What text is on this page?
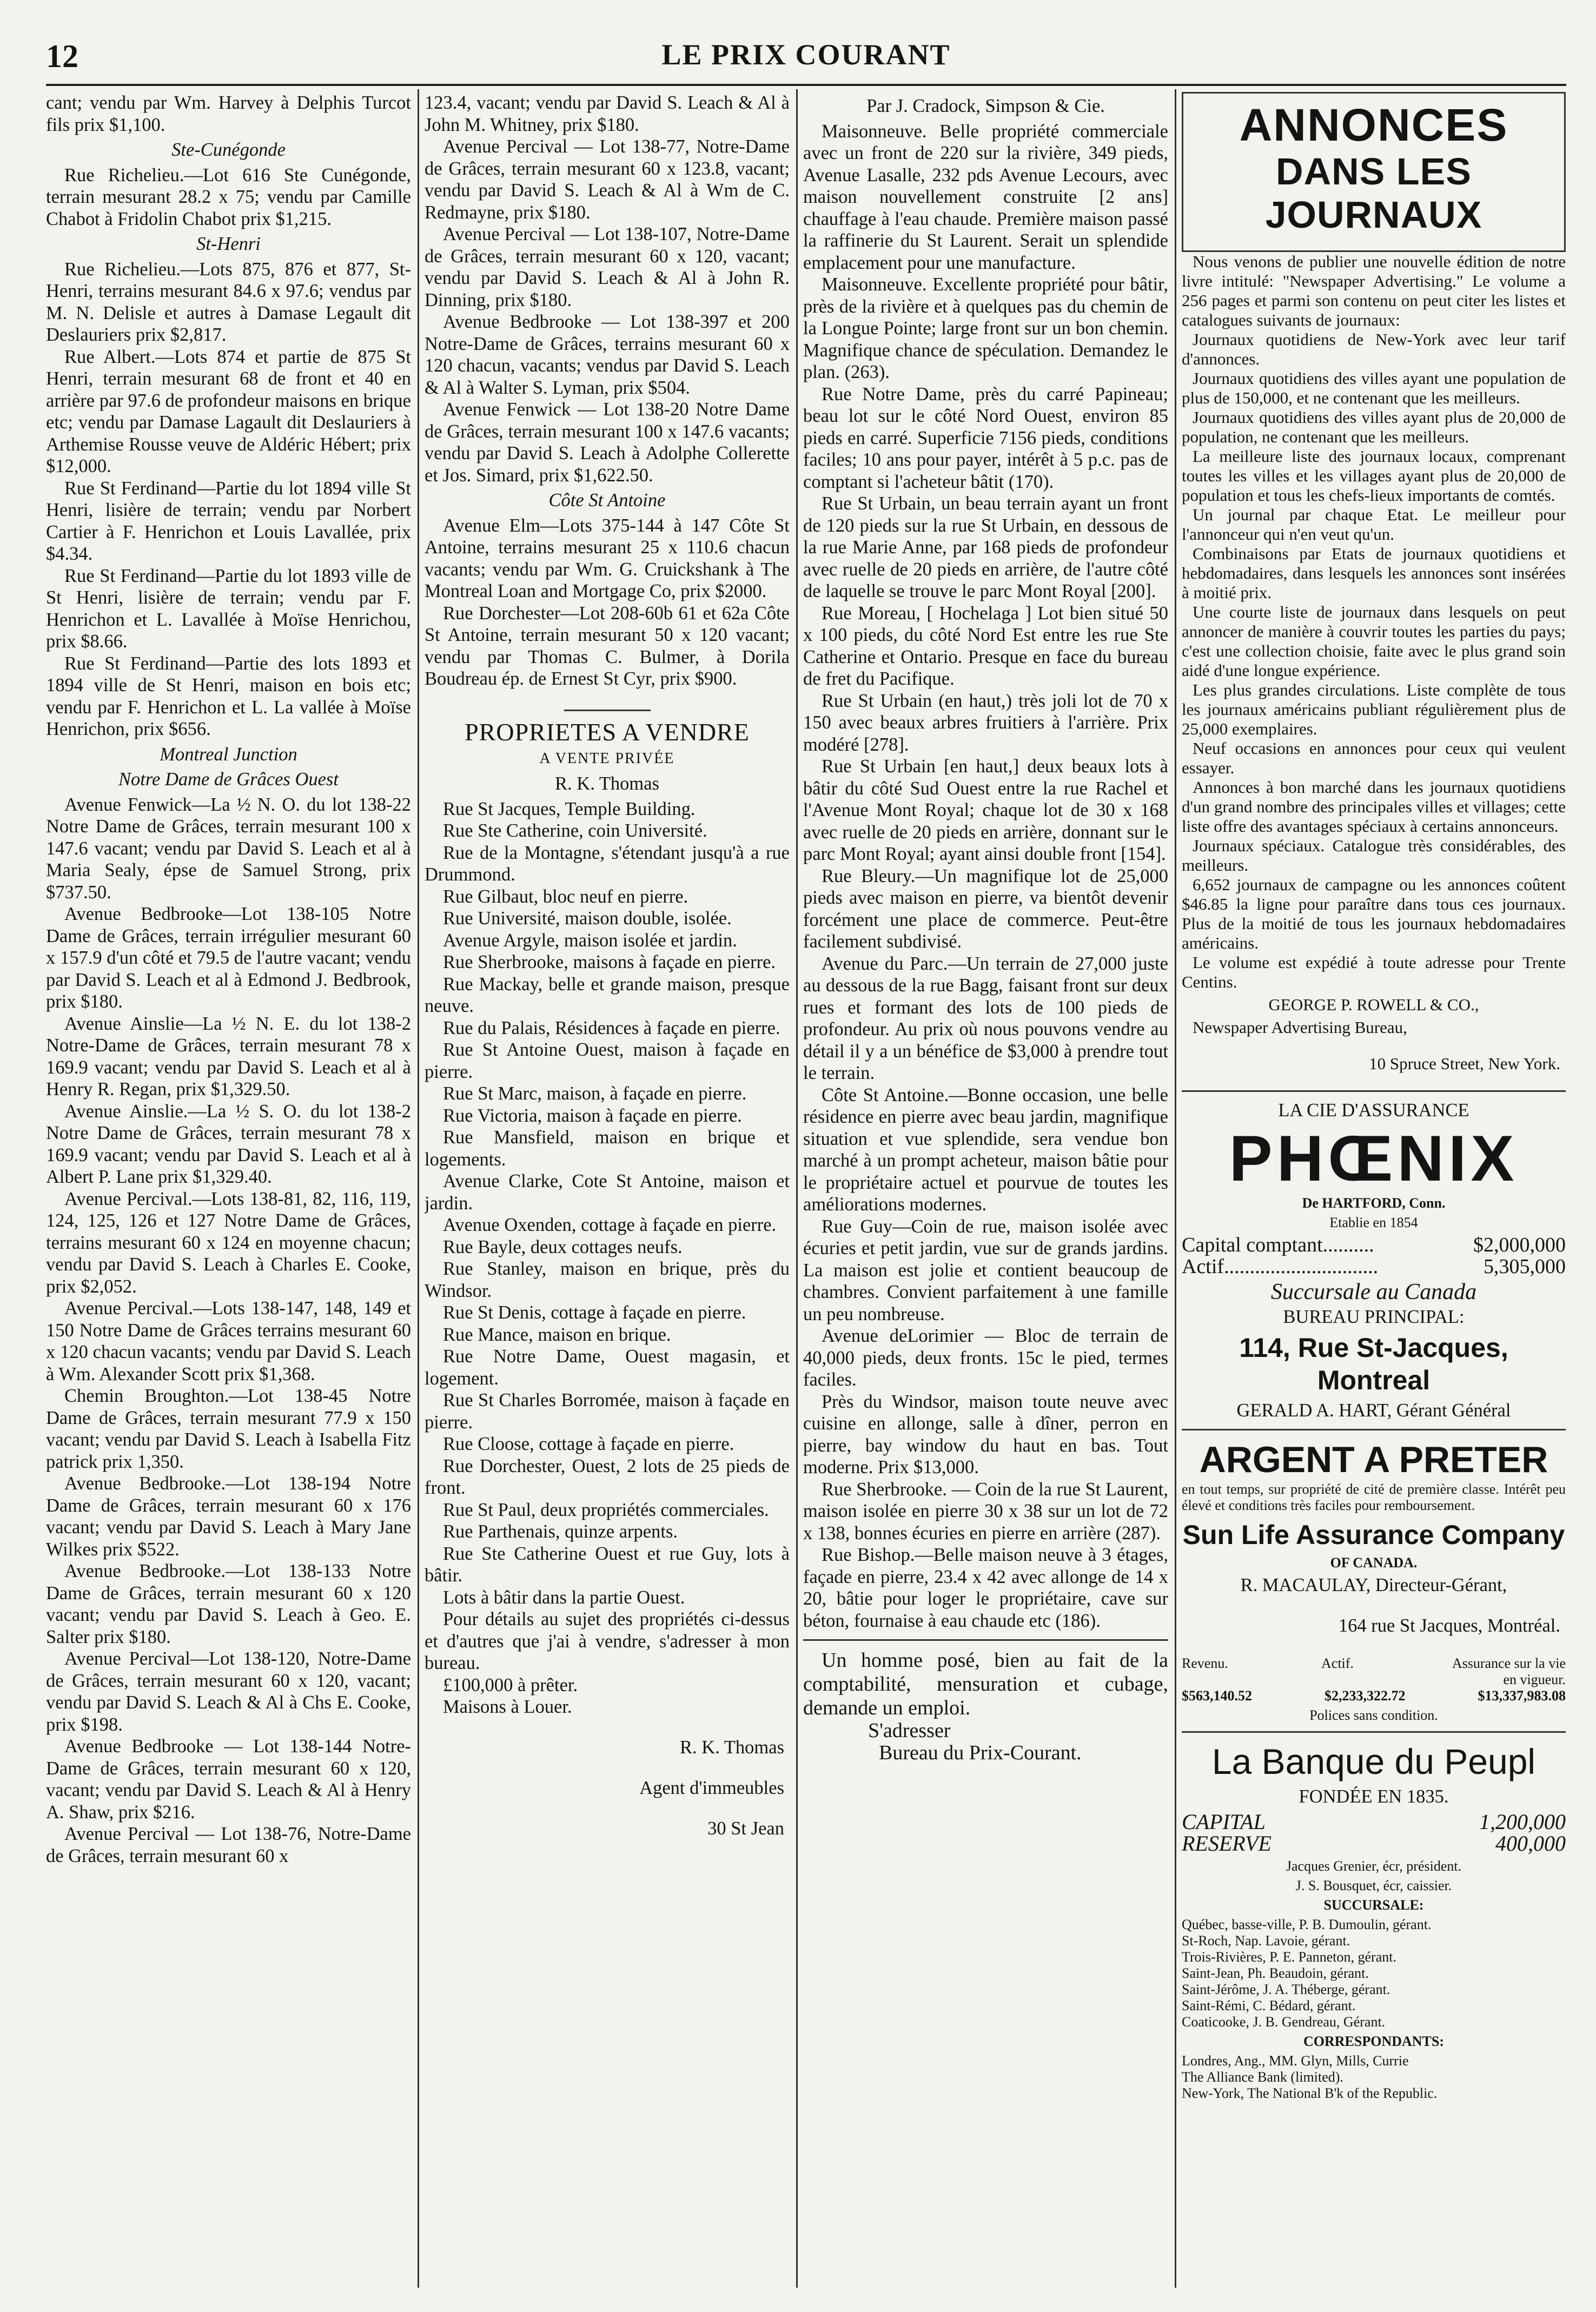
12	LE PRIX COURANT

cant; vendu par Wm. Harvey à Delphis Turcot fils prix $1,100.

Ste-Cunégonde

Rue Richelieu.—Lot 616 Ste Cunégonde, terrain mesurant 28.2 x 75; vendu par Camille Chabot à Fridolin Chabot prix $1,215.

St-Henri

Rue Richelieu.—Lots 875, 876 et 877, St-Henri, terrains mesurant 84.6 x 97.6; vendus par M. N. Delisle et autres à Damase Legault dit Deslauriers prix $2,817.

Rue Albert.—Lots 874 et partie de 875 St Henri, terrain mesurant 68 de front et 40 en arrière par 97.6 de profondeur maisons en brique etc; vendu par Damase Lagault dit Deslauriers à Arthemise Rousse veuve de Aldéric Hébert; prix $12,000.

Rue St Ferdinand—Partie du lot 1894 ville St Henri, lisière de terrain; vendu par Norbert Cartier à F. Henrichon et Louis Lavallée, prix $4.34.

Rue St Ferdinand—Partie du lot 1893 ville de St Henri, lisière de terrain; vendu par F. Henrichon et L. Lavallée à Moïse Henrichou, prix $8.66.

Rue St Ferdinand—Partie des lots 1893 et 1894 ville de St Henri, maison en bois etc; vendu par F. Henrichon et L. La vallée à Moïse Henrichon, prix $656.

Montreal Junction

Notre Dame de Grâces Ouest

Avenue Fenwick—La ½ N. O. du lot 138-22 Notre Dame de Grâces, terrain mesurant 100 x 147.6 vacant; vendu par David S. Leach et al à Maria Sealy, épse de Samuel Strong, prix $737.50.

Avenue Bedbrooke—Lot 138-105 Notre Dame de Grâces, terrain irrégulier mesurant 60 x 157.9 d'un côté et 79.5 de l'autre vacant; vendu par David S. Leach et al à Edmond J. Bedbrook, prix $180.

Avenue Ainslie—La ½ N. E. du lot 138-2 Notre-Dame de Grâces, terrain mesurant 78 x 169.9 vacant; vendu par David S. Leach et al à Henry R. Regan, prix $1,329.50.

Avenue Ainslie.—La ½ S. O. du lot 138-2 Notre Dame de Grâces, terrain mesurant 78 x 169.9 vacant; vendu par David S. Leach et al à Albert P. Lane prix $1,329.40.

Avenue Percival.—Lots 138-81, 82, 116, 119, 124, 125, 126 et 127 Notre Dame de Grâces, terrains mesurant 60 x 124 en moyenne chacun; vendu par David S. Leach à Charles E. Cooke, prix $2,052.

Avenue Percival.—Lots 138-147, 148, 149 et 150 Notre Dame de Grâces terrains mesurant 60 x 120 chacun vacants; vendu par David S. Leach à Wm. Alexander Scott prix $1,368.

Chemin Broughton.—Lot 138-45 Notre Dame de Grâces, terrain mesurant 77.9 x 150 vacant; vendu par David S. Leach à Isabella Fitz patrick prix 1,350.

Avenue Bedbrooke.—Lot 138-194 Notre Dame de Grâces, terrain mesurant 60 x 176 vacant; vendu par David S. Leach à Mary Jane Wilkes prix $522.

Avenue Bedbrooke.—Lot 138-133 Notre Dame de Grâces, terrain mesurant 60 x 120 vacant; vendu par David S. Leach à Geo. E. Salter prix $180.

Avenue Percival—Lot 138-120, Notre-Dame de Grâces, terrain mesurant 60 x 120, vacant; vendu par David S. Leach & Al à Chs E. Cooke, prix $198.

Avenue Bedbrooke — Lot 138-144 Notre-Dame de Grâces, terrain mesurant 60 x 120, vacant; vendu par David S. Leach & Al à Henry A. Shaw, prix $216.

Avenue Percival — Lot 138-76, Notre-Dame de Grâces, terrain mesurant 60 x

123.4, vacant; vendu par David S. Leach & Al à John M. Whitney, prix $180.

Avenue Percival — Lot 138-77, Notre-Dame de Grâces, terrain mesurant 60 x 123.8, vacant; vendu par David S. Leach & Al à Wm de C. Redmayne, prix $180.

Avenue Percival — Lot 138-107, Notre-Dame de Grâces, terrain mesurant 60 x 120, vacant; vendu par David S. Leach & Al à John R. Dinning, prix $180.

Avenue Bedbrooke — Lot 138-397 et 200 Notre-Dame de Grâces, terrains mesurant 60 x 120 chacun, vacants; vendus par David S. Leach & Al à Walter S. Lyman, prix $504.

Avenue Fenwick — Lot 138-20 Notre Dame de Grâces, terrain mesurant 100 x 147.6 vacants; vendu par David S. Leach à Adolphe Collerette et Jos. Simard, prix $1,622.50.

Côte St Antoine

Avenue Elm—Lots 375-144 à 147 Côte St Antoine, terrains mesurant 25 x 110.6 chacun vacants; vendu par Wm. G. Cruickshank à The Montreal Loan and Mortgage Co, prix $2000.

Rue Dorchester—Lot 208-60b 61 et 62a Côte St Antoine, terrain mesurant 50 x 120 vacant; vendu par Thomas C. Bulmer, à Dorila Boudreau ép. de Ernest St Cyr, prix $900.

PROPRIETES A VENDRE

A VENTE PRIVÉE

R. K. Thomas

Rue St Jacques, Temple Building.

Rue Ste Catherine, coin Université.

Rue de la Montagne, s'étendant jusqu'à a rue Drummond.

Rue Gilbaut, bloc neuf en pierre.

Rue Université, maison double, isolée.

Avenue Argyle, maison isolée et jardin.

Rue Sherbrooke, maisons à façade en pierre.

Rue Mackay, belle et grande maison, presque neuve.

Rue du Palais, Résidences à façade en pierre.

Rue St Antoine Ouest, maison à façade en pierre.

Rue St Marc, maison, à façade en pierre.

Rue Victoria, maison à façade en pierre.

Rue Mansfield, maison en brique et logements.

Avenue Clarke, Cote St Antoine, maison et jardin.

Avenue Oxenden, cottage à façade en pierre.

Rue Bayle, deux cottages neufs.

Rue Stanley, maison en brique, près du Windsor.

Rue St Denis, cottage à façade en pierre.

Rue Mance, maison en brique.

Rue Notre Dame, Ouest magasin, et logement.

Rue St Charles Borromée, maison à façade en pierre.

Rue Cloose, cottage à façade en pierre.

Rue Dorchester, Ouest, 2 lots de 25 pieds de front.

Rue St Paul, deux propriétés commerciales.

Rue Parthenais, quinze arpents.

Rue Ste Catherine Ouest et rue Guy, lots à bâtir.

Lots à bâtir dans la partie Ouest.

Pour détails au sujet des propriétés ci-dessus et d'autres que j'ai à vendre, s'adresser à mon bureau.

£100,000 à prêter.

Maisons à Louer.

R. K. Thomas

Agent d'immeubles

30 St Jean

Par J. Cradock, Simpson & Cie.

Maisonneuve. Belle propriété commerciale avec un front de 220 sur la rivière, 349 pieds, Avenue Lasalle, 232 pds Avenue Lecours, avec maison nouvellement construite [2 ans] chauffage à l'eau chaude. Première maison passé la raffinerie du St Laurent. Serait un splendide emplacement pour une manufacture.

Maisonneuve. Excellente propriété pour bâtir, près de la rivière et à quelques pas du chemin de la Longue Pointe; large front sur un bon chemin. Magnifique chance de spéculation. Demandez le plan. (263).

Rue Notre Dame, près du carré Papineau; beau lot sur le côté Nord Ouest, environ 85 pieds en carré. Superficie 7156 pieds, conditions faciles; 10 ans pour payer, intérêt à 5 p.c. pas de comptant si l'acheteur bâtit (170).

Rue St Urbain, un beau terrain ayant un front de 120 pieds sur la rue St Urbain, en dessous de la rue Marie Anne, par 168 pieds de profondeur avec ruelle de 20 pieds en arrière, de l'autre côté de laquelle se trouve le parc Mont Royal [200].

Rue Moreau, [ Hochelaga ] Lot bien situé 50 x 100 pieds, du côté Nord Est entre les rue Ste Catherine et Ontario. Presque en face du bureau de fret du Pacifique.

Rue St Urbain (en haut,) très joli lot de 70 x 150 avec beaux arbres fruitiers à l'arrière. Prix modéré [278].

Rue St Urbain [en haut,] deux beaux lots à bâtir du côté Sud Ouest entre la rue Rachel et l'Avenue Mont Royal; chaque lot de 30 x 168 avec ruelle de 20 pieds en arrière, donnant sur le parc Mont Royal; ayant ainsi double front [154].

Rue Bleury.—Un magnifique lot de 25,000 pieds avec maison en pierre, va bientôt devenir forcément une place de commerce. Peut-être facilement subdivisé.

Avenue du Parc.—Un terrain de 27,000 juste au dessous de la rue Bagg, faisant front sur deux rues et formant des lots de 100 pieds de profondeur. Au prix où nous pouvons vendre au détail il y a un bénéfice de $3,000 à prendre tout le terrain.

Côte St Antoine.—Bonne occasion, une belle résidence en pierre avec beau jardin, magnifique situation et vue splendide, sera vendue bon marché à un prompt acheteur, maison bâtie pour le propriétaire actuel et pourvue de toutes les améliorations modernes.

Rue Guy—Coin de rue, maison isolée avec écuries et petit jardin, vue sur de grands jardins. La maison est jolie et contient beaucoup de chambres. Convient parfaitement à une famille un peu nombreuse.

Avenue deLorimier — Bloc de terrain de 40,000 pieds, deux fronts. 15c le pied, termes faciles.

Près du Windsor, maison toute neuve avec cuisine en allonge, salle à dîner, perron en pierre, bay window du haut en bas. Tout moderne. Prix $13,000.

Rue Sherbrooke. — Coin de la rue St Laurent, maison isolée en pierre 30 x 38 sur un lot de 72 x 138, bonnes écuries en pierre en arrière (287).

Rue Bishop.—Belle maison neuve à 3 étages, façade en pierre, 23.4 x 42 avec allonge de 14 x 20, bâtie pour loger le propriétaire, cave sur béton, fournaise à eau chaude etc (186).

Un homme posé, bien au fait de la comptabilité, mensuration et cubage, demande un emploi.

S'adresser

Bureau du Prix-Courant.

ANNONCES
DANS LES JOURNAUX

Nous venons de publier une nouvelle édition de notre livre intitulé: "Newspaper Advertising." Le volume a 256 pages et parmi son contenu on peut citer les listes et catalogues suivants de journaux:

Journaux quotidiens de New-York avec leur tarif d'annonces.

Journaux quotidiens des villes ayant une population de plus de 150,000, et ne contenant que les meilleurs.

Journaux quotidiens des villes ayant plus de 20,000 de population, ne contenant que les meilleurs.

La meilleure liste des journaux locaux, comprenant toutes les villes et les villages ayant plus de 20,000 de population et tous les chefs-lieux importants de comtés.

Un journal par chaque Etat. Le meilleur pour l'annonceur qui n'en veut qu'un.

Combinaisons par Etats de journaux quotidiens et hebdomadaires, dans lesquels les annonces sont insérées à moitié prix.

Une courte liste de journaux dans lesquels on peut annoncer de manière à couvrir toutes les parties du pays; c'est une collection choisie, faite avec le plus grand soin aidé d'une longue expérience.

Les plus grandes circulations. Liste complète de tous les journaux américains publiant régulièrement plus de 25,000 exemplaires.

Neuf occasions en annonces pour ceux qui veulent essayer.

Annonces à bon marché dans les journaux quotidiens d'un grand nombre des principales villes et villages; cette liste offre des avantages spéciaux à certains annonceurs.

Journaux spéciaux. Catalogue très considérables, des meilleurs.

6,652 journaux de campagne ou les annonces coûtent $46.85 la ligne pour paraître dans tous ces journaux. Plus de la moitié de tous les journaux hebdomadaires américains.

Le volume est expédié à toute adresse pour Trente Centins.

GEORGE P. ROWELL & CO.,

Newspaper Advertising Bureau,

10 Spruce Street, New York.

LA CIE D'ASSURANCE

PHŒNIX

De HARTFORD, Conn.

Etablie en 1854

Capital comptant..........	$2,000,000
Actif..............................	5,305,000

Succursale au Canada

BUREAU PRINCIPAL:

114, Rue St-Jacques, Montreal

GERALD A. HART, Gérant Général

ARGENT A PRETER

en tout temps, sur propriété de cité de première classe. Intérêt peu élevé et conditions très faciles pour remboursement.

Sun Life Assurance Company

OF CANADA.

R. MACAULAY, Directeur-Gérant,

164 rue St Jacques, Montréal.

Revenu.	Actif.	Assurance sur la vie en vigueur.
$563,140.52	$2,233,322.72	$13,337,983.08

Polices sans condition.

La Banque du Peupl

FONDÉE EN 1835.

CAPITAL	1,200,000
RESERVE	400,000

Jacques Grenier, écr, président.

J. S. Bousquet, écr, caissier.

SUCCURSALE:

Québec, basse-ville, P. B. Dumoulin, gérant.

St-Roch, Nap. Lavoie, gérant.

Trois-Rivières, P. E. Panneton, gérant.

Saint-Jean, Ph. Beaudoin, gérant.

Saint-Jérôme, J. A. Théberge, gérant.

Saint-Rémi, C. Bédard, gérant.

Coaticooke, J. B. Gendreau, Gérant.

CORRESPONDANTS:

Londres, Ang., MM. Glyn, Mills, Currie

The Alliance Bank (limited).

New-York, The National B'k of the Republic.
